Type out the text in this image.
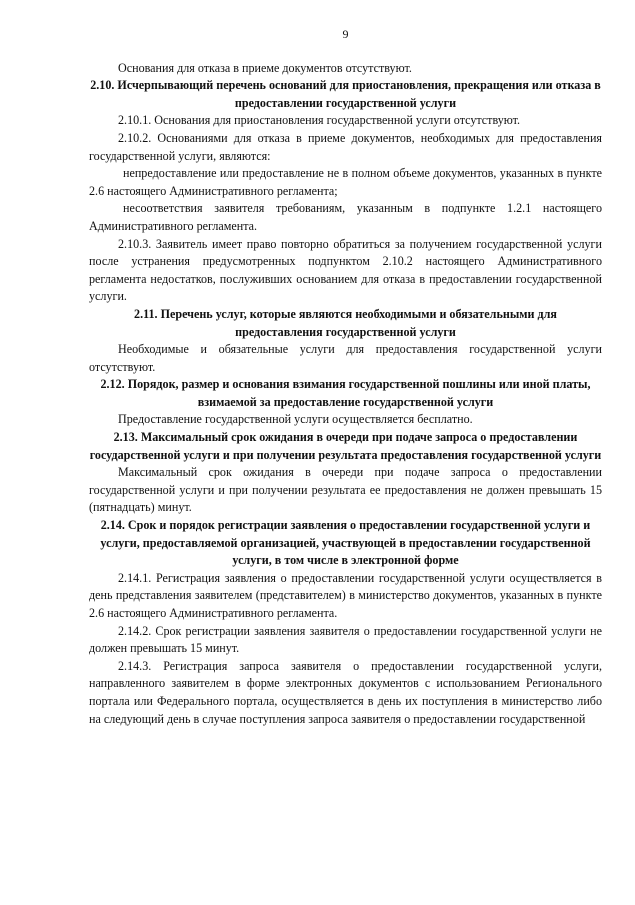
9

Основания для отказа в приеме документов отсутствуют.

2.10. Исчерпывающий перечень оснований для приостановления, прекращения или отказа в предоставлении государственной услуги

2.10.1. Основания для приостановления государственной услуги отсутствуют.

2.10.2. Основаниями для отказа в приеме документов, необходимых для предоставления государственной услуги, являются:

непредоставление или предоставление не в полном объеме документов, указанных в пункте 2.6 настоящего Административного регламента;

несоответствия заявителя требованиям, указанным в подпункте 1.2.1 настоящего Административного регламента.

2.10.3. Заявитель имеет право повторно обратиться за получением государственной услуги после устранения предусмотренных подпунктом 2.10.2 настоящего Административного регламента недостатков, послуживших основанием для отказа в предоставлении государственной услуги.

2.11. Перечень услуг, которые являются необходимыми и обязательными для предоставления государственной услуги

Необходимые и обязательные услуги для предоставления государственной услуги отсутствуют.

2.12. Порядок, размер и основания взимания государственной пошлины или иной платы, взимаемой за предоставление государственной услуги

Предоставление государственной услуги осуществляется бесплатно.

2.13. Максимальный срок ожидания в очереди при подаче запроса о предоставлении государственной услуги и при получении результата предоставления государственной услуги

Максимальный срок ожидания в очереди при подаче запроса о предоставлении государственной услуги и при получении результата ее предоставления не должен превышать 15 (пятнадцать) минут.

2.14. Срок и порядок регистрации заявления о предоставлении государственной услуги и услуги, предоставляемой организацией, участвующей в предоставлении государственной услуги, в том числе в электронной форме

2.14.1. Регистрация заявления о предоставлении государственной услуги осуществляется в день представления заявителем (представителем) в министерство документов, указанных в пункте 2.6 настоящего Административного регламента.

2.14.2. Срок регистрации заявления заявителя о предоставлении государственной услуги не должен превышать 15 минут.

2.14.3. Регистрация запроса заявителя о предоставлении государственной услуги, направленного заявителем в форме электронных документов с использованием Регионального портала или Федерального портала, осуществляется в день их поступления в министерство либо на следующий день в случае поступления запроса заявителя о предоставлении государственной
